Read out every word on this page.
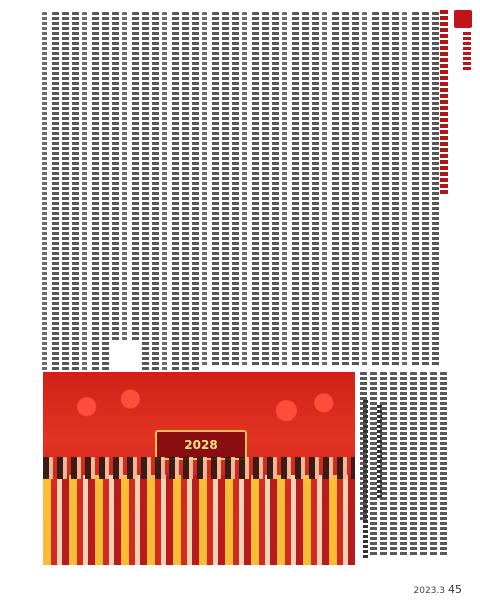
2028
2023.3 45
